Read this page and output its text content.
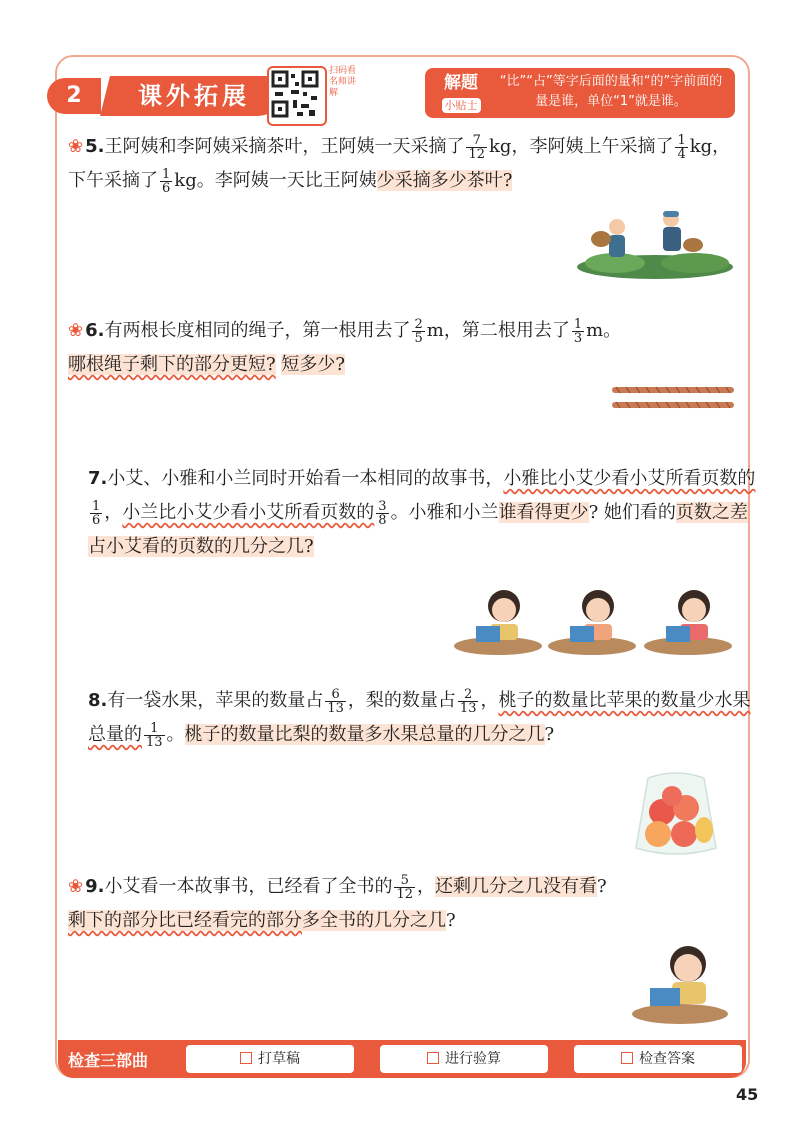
2	课外拓展
扫码看名师讲解	解题
小贴士
“比”“占”等字后面的量和“的”字前面的量是谁，单位“1”就是谁。
❀ 5.王阿姨和李阿姨采摘茶叶，王阿姨一天采摘了 $\frac{7}{12}$ kg，李阿姨上午采摘了 $\frac{1}{4}$ kg，下午采摘了 $\frac{1}{6}$ kg。李阿姨一天比王阿姨少采摘多少茶叶?
❀ 6.有两根长度相同的绳子，第一根用去了 $\frac{2}{5}$ m，第二根用去了 $\frac{1}{3}$ m。
哪根绳子剩下的部分更短? 短多少?
7.小艾、小雅和小兰同时开始看一本相同的故事书，小雅比小艾少看小艾所看页数的
$\frac{1}{6}$ ，小兰比小艾少看小艾所看页数的 $\frac{3}{8}$ 。小雅和小兰谁看得更少? 她们看的页数之差占小艾看的页数的几分之几?
8.有一袋水果，苹果的数量占 $\frac{6}{13}$ ，梨的数量占 $\frac{2}{13}$ ，桃子的数量比苹果的数量少水果总量的 $\frac{1}{13}$ 。桃子的数量比梨的数量多水果总量的几分之几?
❀ 9.小艾看一本故事书，已经看了全书的 $\frac{5}{12}$ ，还剩几分之几没有看?
剩下的部分比已经看完的部分多全书的几分之几?
检查三部曲	打草稿	进行验算	检查答案
45
